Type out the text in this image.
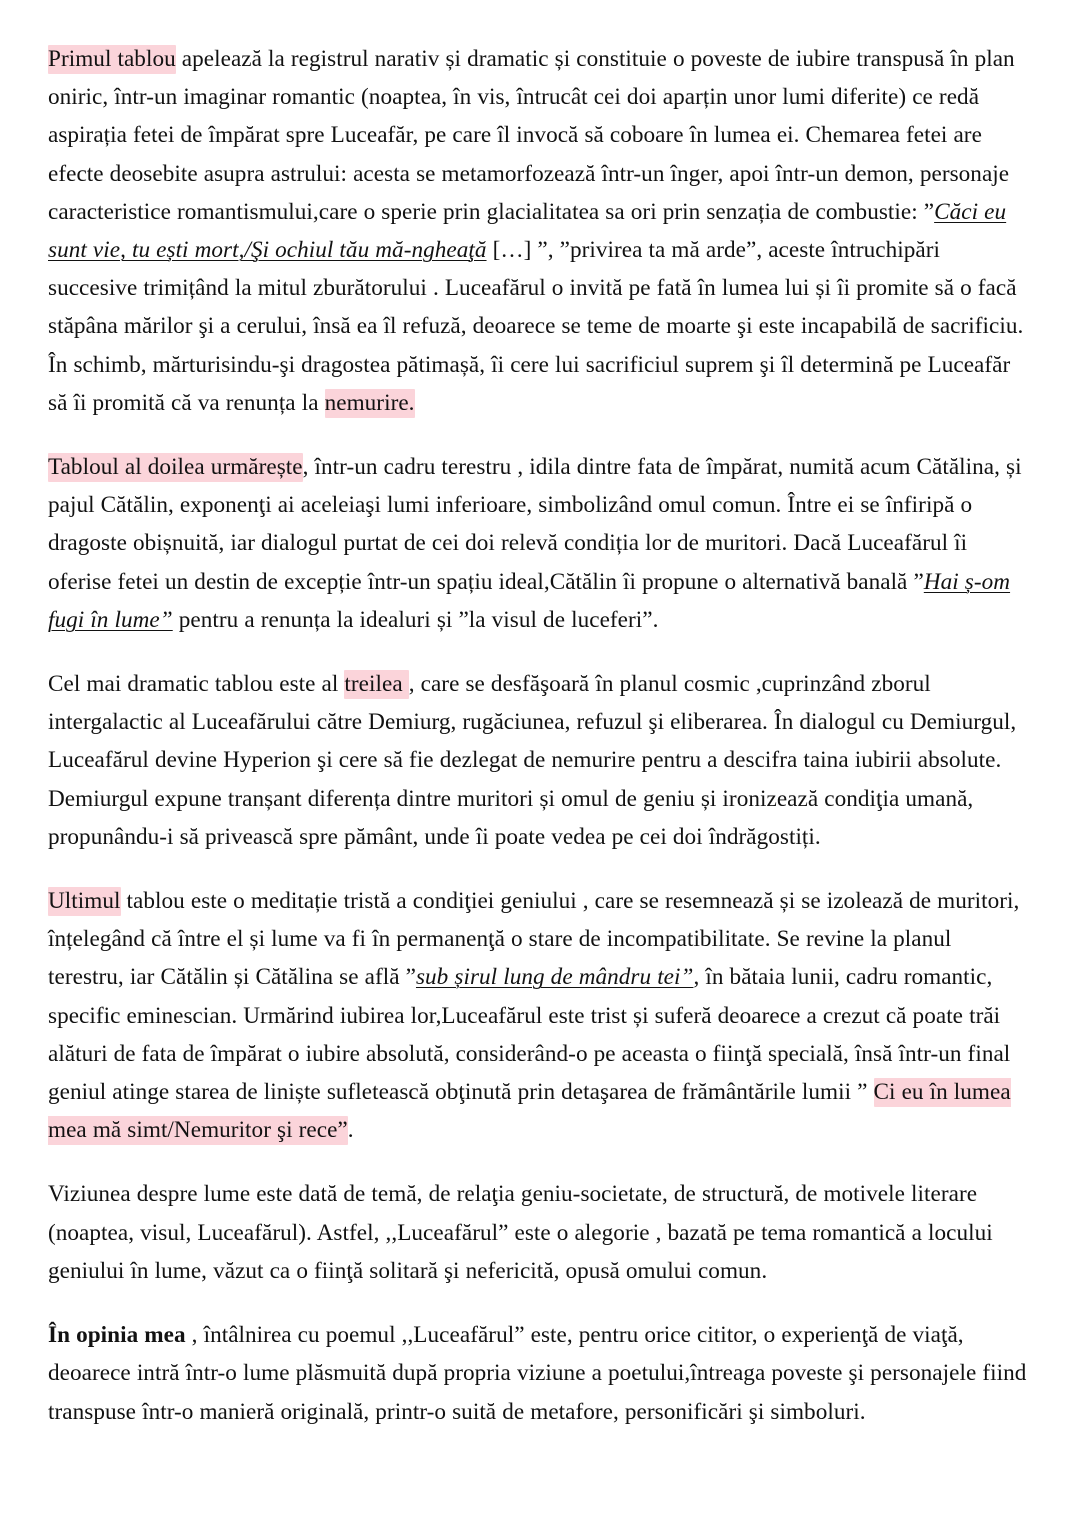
Primul tablou apelează la registrul narativ și dramatic și constituie o poveste de iubire transpusă în plan oniric, într-un imaginar romantic (noaptea, în vis, întrucât cei doi aparțin unor lumi diferite) ce redă aspirația fetei de împărat spre Luceafăr, pe care îl invocă să coboare în lumea ei. Chemarea fetei are efecte deosebite asupra astrului: acesta se metamorfozează într-un înger, apoi într-un demon, personaje caracteristice romantismului,care o sperie prin glacialitatea sa ori prin senzația de combustie: ”Căci eu sunt vie, tu ești mort,/Şi ochiul tău mă-ngheaţă […] ”, ”privirea ta mă arde”, aceste întruchipări succesive trimițând la mitul zburătorului . Luceafărul o invită pe fată în lumea lui și îi promite să o facă stăpâna mărilor şi a cerului, însă ea îl refuză, deoarece se teme de moarte şi este incapabilă de sacrificiu. În schimb, mărturisindu-şi dragostea pătimașă, îi cere lui sacrificiul suprem şi îl determină pe Luceafăr să îi promită că va renunța la nemurire.

Tabloul al doilea urmărește, într-un cadru terestru , idila dintre fata de împărat, numită acum Cătălina, și pajul Cătălin, exponenţi ai aceleiaşi lumi inferioare, simbolizând omul comun. Între ei se înfiripă o dragoste obișnuită, iar dialogul purtat de cei doi relevă condiția lor de muritori. Dacă Luceafărul îi oferise fetei un destin de excepție într-un spațiu ideal,Cătălin îi propune o alternativă banală ”Hai ș-om fugi în lume” pentru a renunța la idealuri și ”la visul de luceferi”.

Cel mai dramatic tablou este al treilea , care se desfăşoară în planul cosmic ,cuprinzând zborul intergalactic al Luceafărului către Demiurg, rugăciunea, refuzul şi eliberarea. În dialogul cu Demiurgul, Luceafărul devine Hyperion şi cere să fie dezlegat de nemurire pentru a descifra taina iubirii absolute. Demiurgul expune tranșant diferența dintre muritori și omul de geniu și ironizează condiţia umană, propunându-i să privească spre pământ, unde îi poate vedea pe cei doi îndrăgostiți.

Ultimul tablou este o meditație tristă a condiţiei geniului , care se resemnează și se izolează de muritori, înțelegând că între el și lume va fi în permanenţă o stare de incompatibilitate. Se revine la planul terestru, iar Cătălin și Cătălina se află ”sub șirul lung de mândru tei”, în bătaia lunii, cadru romantic, specific eminescian. Urmărind iubirea lor,Luceafărul este trist și suferă deoarece a crezut că poate trăi alături de fata de împărat o iubire absolută, considerând-o pe aceasta o fiinţă specială, însă într-un final geniul atinge starea de liniște sufletească obţinută prin detaşarea de frământările lumii ” Ci eu în lumea mea mă simt/Nemuritor şi rece”.

Viziunea despre lume este dată de temă, de relaţia geniu-societate, de structură, de motivele literare (noaptea, visul, Luceafărul). Astfel, ,,Luceafărul” este o alegorie , bazată pe tema romantică a locului geniului în lume, văzut ca o fiinţă solitară şi nefericită, opusă omului comun.

În opinia mea , întâlnirea cu poemul ,,Luceafărul” este, pentru orice cititor, o experienţă de viaţă, deoarece intră într-o lume plăsmuită după propria viziune a poetului,întreaga poveste şi personajele fiind transpuse într-o manieră originală, printr-o suită de metafore, personificări şi simboluri.
